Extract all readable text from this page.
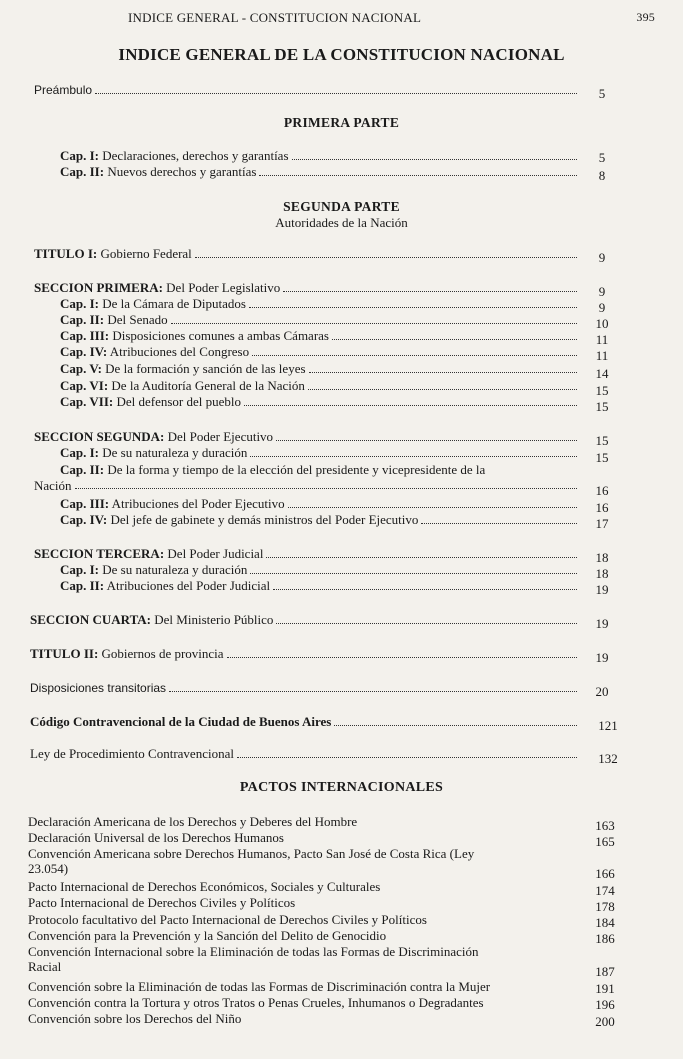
INDICE GENERAL - CONSTITUCION NACIONAL	395
INDICE GENERAL DE LA CONSTITUCION NACIONAL
Preámbulo	5
PRIMERA PARTE
Cap. I: Declaraciones, derechos y garantías	5
Cap. II: Nuevos derechos y garantías	8
SEGUNDA PARTE
Autoridades de la Nación
TITULO I: Gobierno Federal	9
SECCION PRIMERA: Del Poder Legislativo	9
Cap. I: De la Cámara de Diputados	9
Cap. II: Del Senado	10
Cap. III: Disposiciones comunes a ambas Cámaras	11
Cap. IV: Atribuciones del Congreso	11
Cap. V: De la formación y sanción de las leyes	14
Cap. VI: De la Auditoría General de la Nación	15
Cap. VII: Del defensor del pueblo	15
SECCION SEGUNDA: Del Poder Ejecutivo	15
Cap. I: De su naturaleza y duración	15
Cap. II: De la forma y tiempo de la elección del presidente y vicepresidente de la
Nación	16
Cap. III: Atribuciones del Poder Ejecutivo	16
Cap. IV: Del jefe de gabinete y demás ministros del Poder Ejecutivo	17
SECCION TERCERA: Del Poder Judicial	18
Cap. I: De su naturaleza y duración	18
Cap. II: Atribuciones del Poder Judicial	19
SECCION CUARTA: Del Ministerio Público	19
TITULO II: Gobiernos de provincia	19
Disposiciones transitorias	20
Código Contravencional de la Ciudad de Buenos Aires	121
Ley de Procedimiento Contravencional	132
PACTOS INTERNACIONALES
Declaración Americana de los Derechos y Deberes del Hombre	163
Declaración Universal de los Derechos Humanos	165
Convención Americana sobre Derechos Humanos, Pacto San José de Costa Rica (Ley
23.054)	166
Pacto Internacional de Derechos Económicos, Sociales y Culturales	174
Pacto Internacional de Derechos Civiles y Políticos	178
Protocolo facultativo del Pacto Internacional de Derechos Civiles y Políticos	184
Convención para la Prevención y la Sanción del Delito de Genocidio	186
Convención Internacional sobre la Eliminación de todas las Formas de Discriminación
Racial	187
Convención sobre la Eliminación de todas las Formas de Discriminación contra la Mujer	191
Convención contra la Tortura y otros Tratos o Penas Crueles, Inhumanos o Degradantes	196
Convención sobre los Derechos del Niño	200
